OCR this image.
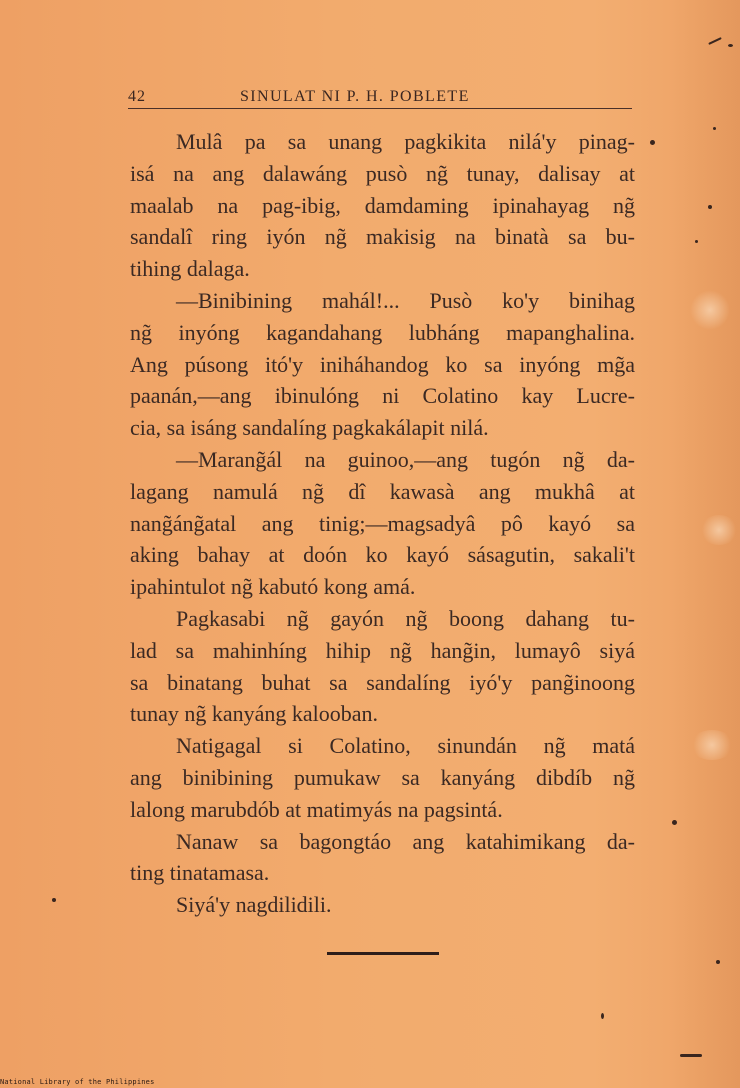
42	SINULAT NI P. H. POBLETE
Mulâ pa sa unang pagkikita nilá'y pinag-
isá na ang dalawáng pusò ng̃ tunay, dalisay at
maalab na pag-ibig, damdaming ipinahayag ng̃
sandalî ring iyón ng̃ makisig na binatà sa bu-
tihing dalaga.
—Binibining mahál!... Pusò ko'y binihag
ng̃ inyóng kagandahang lubháng mapanghalina.
Ang púsong itó'y iniháhandog ko sa inyóng mg̃a
paanán,—ang ibinulóng ni Colatino kay Lucre-
cia, sa isáng sandalíng pagkakálapit nilá.
—Marang̃ál na guinoo,—ang tugón ng̃ da-
lagang namulá ng̃ dî kawasà ang mukhâ at
nang̃áng̃atal ang tinig;—magsadyâ pô kayó sa
aking bahay at doón ko kayó sásagutin, sakali't
ipahintulot ng̃ kabutó kong amá.
Pagkasabi ng̃ gayón ng̃ boong dahang tu-
lad sa mahinhíng hihip ng̃ hang̃in, lumayô siyá
sa binatang buhat sa sandalíng iyó'y pang̃inoong
tunay ng̃ kanyáng kalooban.
Natigagal si Colatino, sinundán ng̃ matá
ang binibining pumukaw sa kanyáng dibdíb ng̃
lalong marubdób at matimyás na pagsintá.
Nanaw sa bagongtáo ang katahimikang da-
ting tinatamasa.
Siyá'y nagdilidili.
National Library of the Philippines
